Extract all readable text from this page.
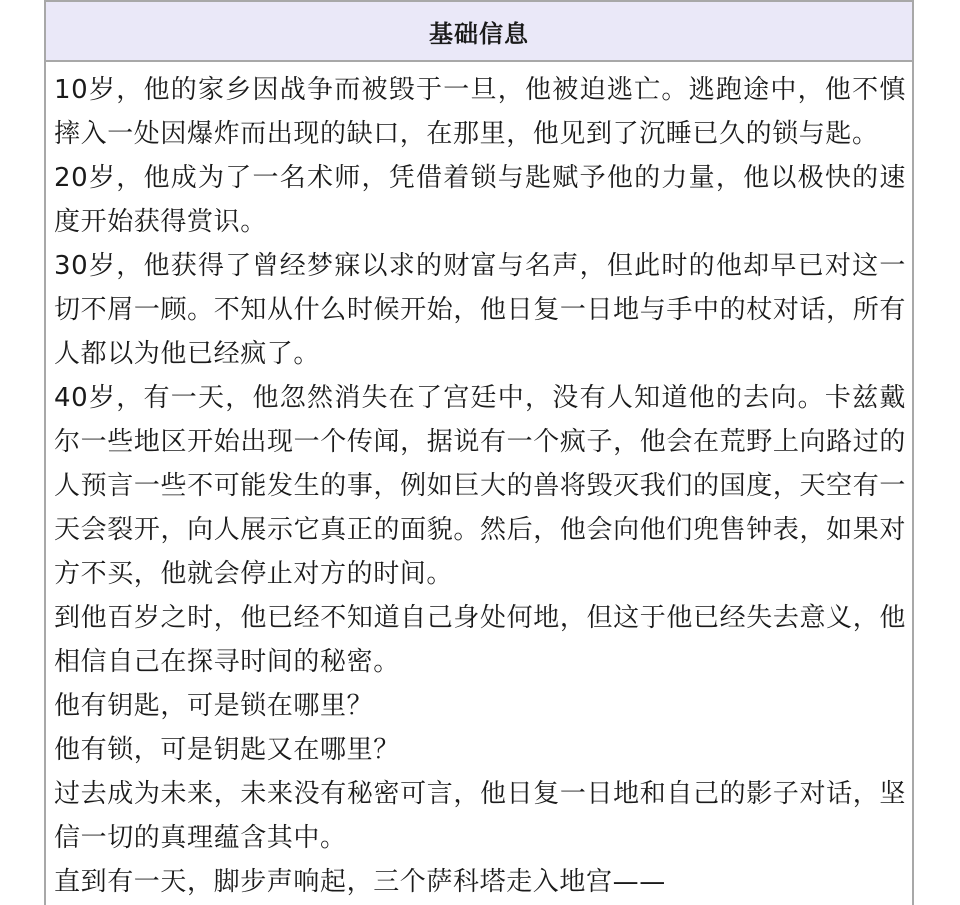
基础信息

10岁，他的家乡因战争而被毁于一旦，他被迫逃亡。逃跑途中，他不慎摔入一处因爆炸而出现的缺口，在那里，他见到了沉睡已久的锁与匙。

20岁，他成为了一名术师，凭借着锁与匙赋予他的力量，他以极快的速度开始获得赏识。

30岁，他获得了曾经梦寐以求的财富与名声，但此时的他却早已对这一切不屑一顾。不知从什么时候开始，他日复一日地与手中的杖对话，所有人都以为他已经疯了。

40岁，有一天，他忽然消失在了宫廷中，没有人知道他的去向。卡兹戴尔一些地区开始出现一个传闻，据说有一个疯子，他会在荒野上向路过的人预言一些不可能发生的事，例如巨大的兽将毁灭我们的国度，天空有一天会裂开，向人展示它真正的面貌。然后，他会向他们兜售钟表，如果对方不买，他就会停止对方的时间。

到他百岁之时，他已经不知道自己身处何地，但这于他已经失去意义，他相信自己在探寻时间的秘密。

他有钥匙，可是锁在哪里？

他有锁，可是钥匙又在哪里？

过去成为未来，未来没有秘密可言，他日复一日地和自己的影子对话，坚信一切的真理蕴含其中。

直到有一天，脚步声响起，三个萨科塔走入地宫——
